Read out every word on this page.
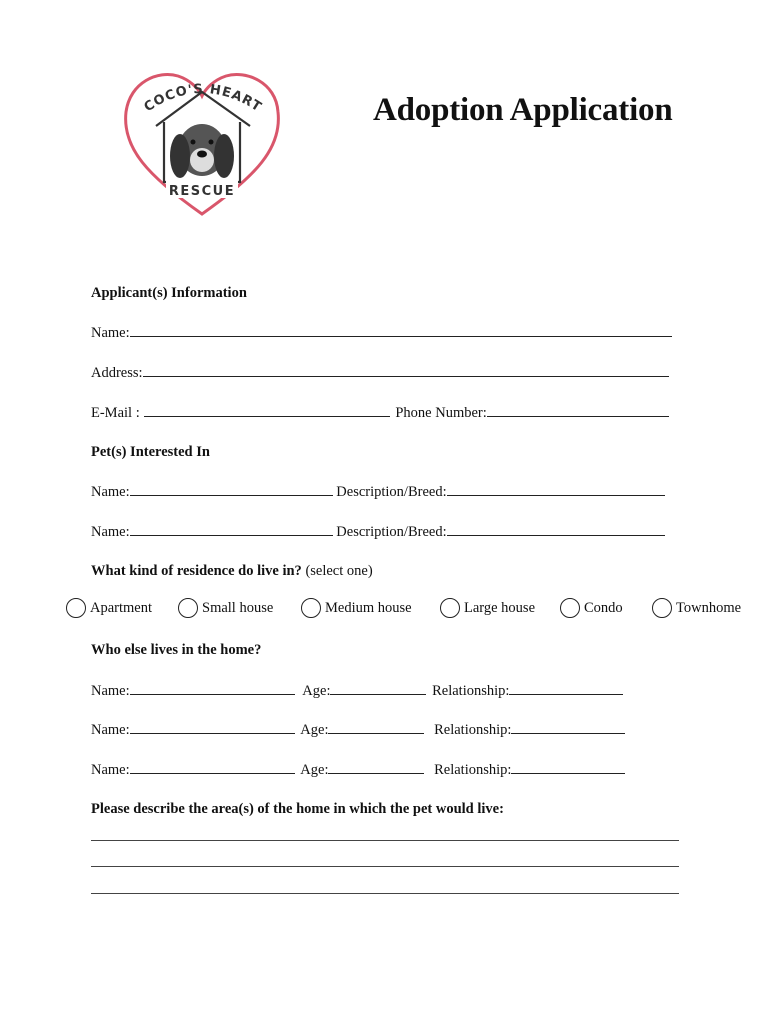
COCO'S HEART
RESCUE
Adoption Application
Applicant(s) Information
Name:
Address:
E-Mail :	Phone Number:
Pet(s) Interested In
Name:	Description/Breed:
Name:	Description/Breed:
What kind of residence do live in? (select one)
Apartment	Small house	Medium house	Large house	Condo	Townhome
Who else lives in the home?
Name:	Age:	Relationship:
Name:	Age:	Relationship:
Name:	Age:	Relationship:
Please describe the area(s) of the home in which the pet would live:
